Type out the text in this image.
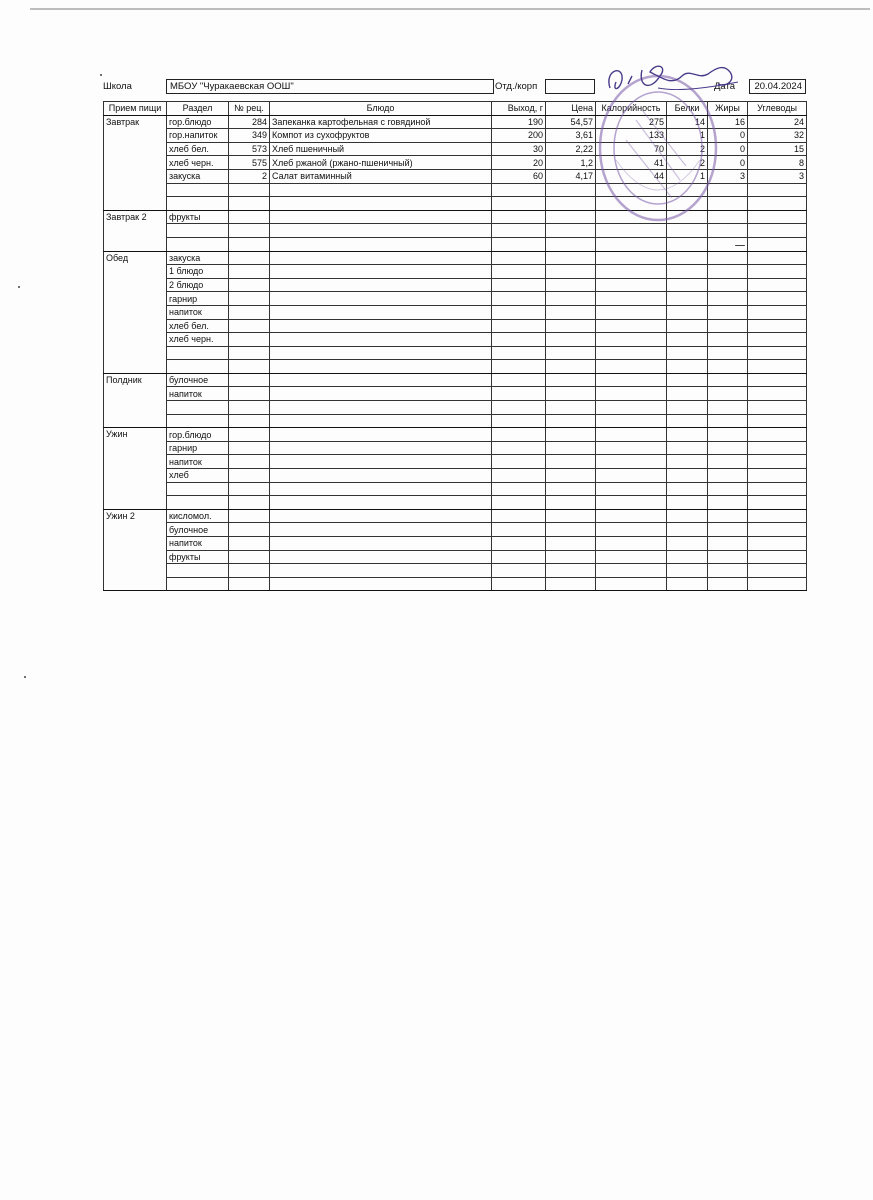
Школа	МБОУ "Чуракаевская ООШ"	Отд./корп	Дата	20.04.2024
Прием пищи	Раздел	№ рец.	Блюдо	Выход, г	Цена	Калорийность	Белки	Жиры	Углеводы
Завтрак	гор.блюдо	284	Запеканка картофельная с говядиной	190	54,57	275	14	16	24
	гор.напиток	349	Компот из сухофруктов	200	3,61	133	1	0	32
	хлеб бел.	573	Хлеб пшеничный	30	2,22	70	2	0	15
	хлеб черн.	575	Хлеб ржаной (ржано-пшеничный)	20	1,2	41	2	0	8
	закуска	2	Салат витаминный	60	4,17	44	1	3	3

Завтрак 2	фрукты								

Обед	закуска								
	1 блюдо								
	2 блюдо								
	гарнир								
	напиток								
	хлеб бел.								
	хлеб черн.								

Полдник	булочное								
	напиток								

Ужин	гор.блюдо								
	гарнир								
	напиток								
	хлеб								

Ужин 2	кисломол.								
	булочное								
	напиток								
	фрукты								
